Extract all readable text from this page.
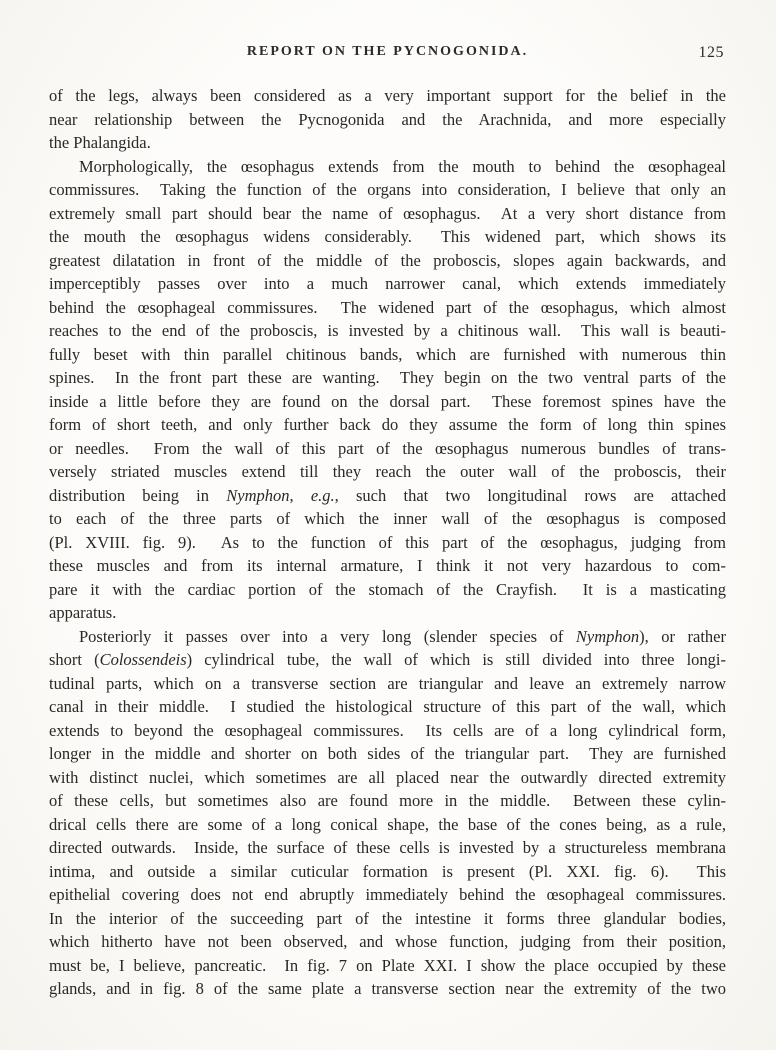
REPORT ON THE PYCNOGONIDA.	125
of the legs, always been considered as a very important support for the belief in the
near relationship between the Pycnogonida and the Arachnida, and more especially
the Phalangida.
Morphologically, the œsophagus extends from the mouth to behind the œsophageal
commissures.  Taking the function of the organs into consideration, I believe that only an
extremely small part should bear the name of œsophagus.  At a very short distance from
the mouth the œsophagus widens considerably.  This widened part, which shows its
greatest dilatation in front of the middle of the proboscis, slopes again backwards, and
imperceptibly passes over into a much narrower canal, which extends immediately
behind the œsophageal commissures.  The widened part of the œsophagus, which almost
reaches to the end of the proboscis, is invested by a chitinous wall.  This wall is beauti-
fully beset with thin parallel chitinous bands, which are furnished with numerous thin
spines.  In the front part these are wanting.  They begin on the two ventral parts of the
inside a little before they are found on the dorsal part.  These foremost spines have the
form of short teeth, and only further back do they assume the form of long thin spines
or needles.  From the wall of this part of the œsophagus numerous bundles of trans-
versely striated muscles extend till they reach the outer wall of the proboscis, their
distribution being in Nymphon, e.g., such that two longitudinal rows are attached
to each of the three parts of which the inner wall of the œsophagus is composed
(Pl. XVIII. fig. 9).  As to the function of this part of the œsophagus, judging from
these muscles and from its internal armature, I think it not very hazardous to com-
pare it with the cardiac portion of the stomach of the Crayfish.  It is a masticating
apparatus.
Posteriorly it passes over into a very long (slender species of Nymphon), or rather
short (Colossendeis) cylindrical tube, the wall of which is still divided into three longi-
tudinal parts, which on a transverse section are triangular and leave an extremely narrow
canal in their middle.  I studied the histological structure of this part of the wall, which
extends to beyond the œsophageal commissures.  Its cells are of a long cylindrical form,
longer in the middle and shorter on both sides of the triangular part.  They are furnished
with distinct nuclei, which sometimes are all placed near the outwardly directed extremity
of these cells, but sometimes also are found more in the middle.  Between these cylin-
drical cells there are some of a long conical shape, the base of the cones being, as a rule,
directed outwards.  Inside, the surface of these cells is invested by a structureless membrana
intima, and outside a similar cuticular formation is present (Pl. XXI. fig. 6).  This
epithelial covering does not end abruptly immediately behind the œsophageal commissures.
In the interior of the succeeding part of the intestine it forms three glandular bodies,
which hitherto have not been observed, and whose function, judging from their position,
must be, I believe, pancreatic.  In fig. 7 on Plate XXI. I show the place occupied by these
glands, and in fig. 8 of the same plate a transverse section near the extremity of the two
